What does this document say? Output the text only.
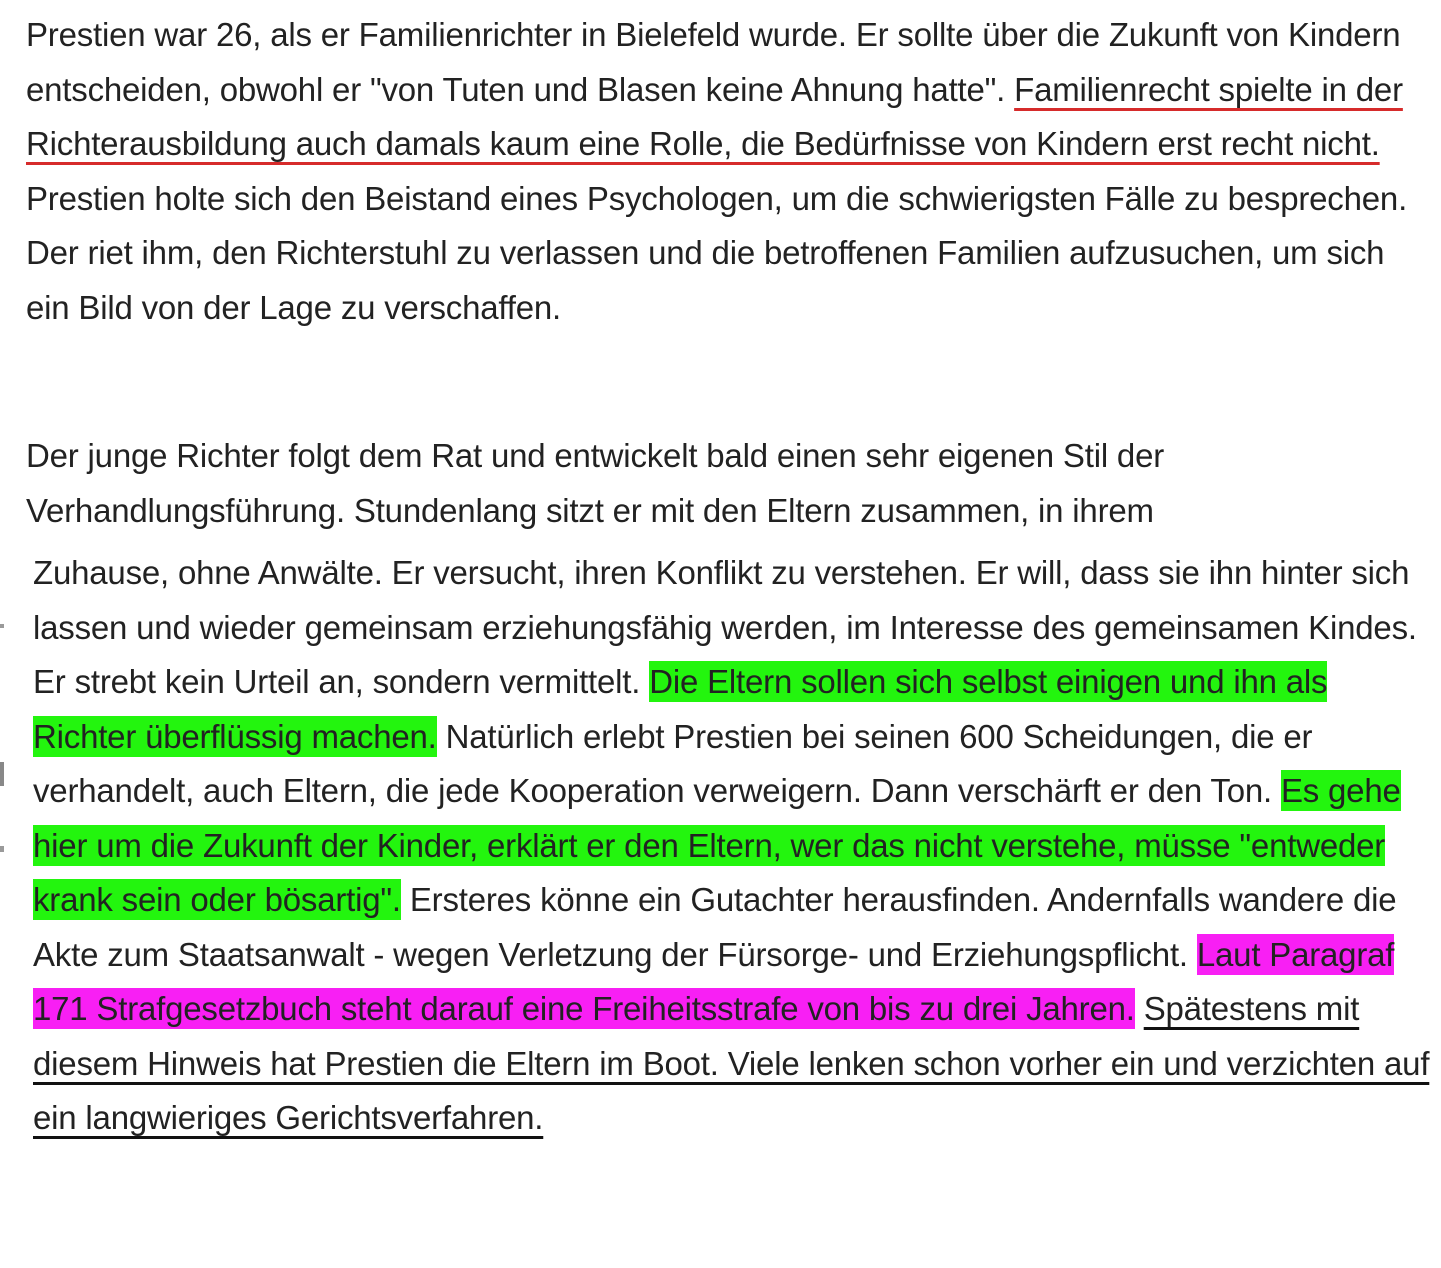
Prestien war 26, als er Familienrichter in Bielefeld wurde. Er sollte über die Zukunft von Kindern entscheiden, obwohl er "von Tuten und Blasen keine Ahnung hatte". Familienrecht spielte in der Richterausbildung auch damals kaum eine Rolle, die Bedürfnisse von Kindern erst recht nicht. Prestien holte sich den Beistand eines Psychologen, um die schwierigsten Fälle zu besprechen. Der riet ihm, den Richterstuhl zu verlassen und die betroffenen Familien aufzusuchen, um sich ein Bild von der Lage zu verschaffen.

Der junge Richter folgt dem Rat und entwickelt bald einen sehr eigenen Stil der Verhandlungsführung. Stundenlang sitzt er mit den Eltern zusammen, in ihrem

Zuhause, ohne Anwälte. Er versucht, ihren Konflikt zu verstehen. Er will, dass sie ihn hinter sich lassen und wieder gemeinsam erziehungsfähig werden, im Interesse des gemeinsamen Kindes. Er strebt kein Urteil an, sondern vermittelt. Die Eltern sollen sich selbst einigen und ihn als Richter überflüssig machen. Natürlich erlebt Prestien bei seinen 600 Scheidungen, die er verhandelt, auch Eltern, die jede Kooperation verweigern. Dann verschärft er den Ton. Es gehe hier um die Zukunft der Kinder, erklärt er den Eltern, wer das nicht verstehe, müsse "entweder krank sein oder bösartig". Ersteres könne ein Gutachter herausfinden. Andernfalls wandere die Akte zum Staatsanwalt - wegen Verletzung der Fürsorge- und Erziehungspflicht. Laut Paragraf 171 Strafgesetzbuch steht darauf eine Freiheitsstrafe von bis zu drei Jahren. Spätestens mit diesem Hinweis hat Prestien die Eltern im Boot. Viele lenken schon vorher ein und verzichten auf ein langwieriges Gerichtsverfahren.
